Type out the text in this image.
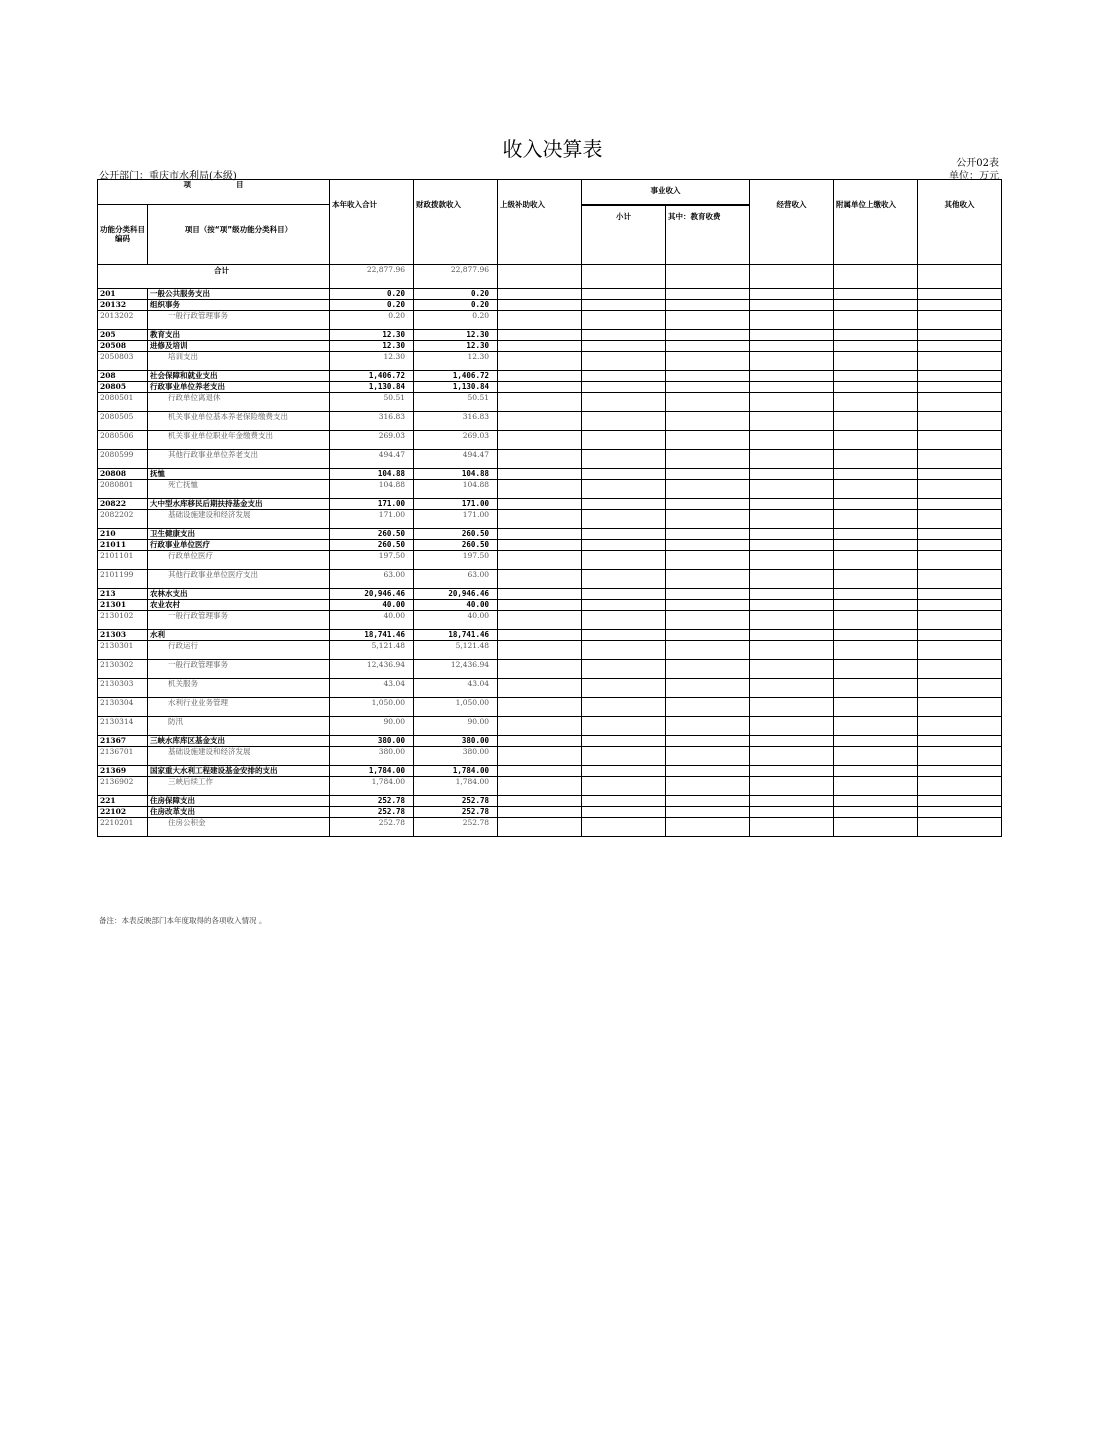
收入决算表
公开02表
公开部门：重庆市水利局(本级)	单位：万元
项　　　　　　目		本年收入合计	财政拨款收入	上级补助收入	事业收入		经营收入	附属单位上缴收入	其他收入
功能分类科目编码	项目（按“项”级功能分类科目）								
					小计	其中：教育收费			
合计		22,877.96	22,877.96						
201	一般公共服务支出	0.20	0.20						
20132	组织事务	0.20	0.20						
2013202	一般行政管理事务	0.20	0.20						
205	教育支出	12.30	12.30						
20508	进修及培训	12.30	12.30						
2050803	培训支出	12.30	12.30						
208	社会保障和就业支出	1,406.72	1,406.72						
20805	行政事业单位养老支出	1,130.84	1,130.84						
2080501	行政单位离退休	50.51	50.51						
2080505	机关事业单位基本养老保险缴费支出	316.83	316.83						
2080506	机关事业单位职业年金缴费支出	269.03	269.03						
2080599	其他行政事业单位养老支出	494.47	494.47						
20808	抚恤	104.88	104.88						
2080801	死亡抚恤	104.88	104.88						
20822	大中型水库移民后期扶持基金支出	171.00	171.00						
2082202	基础设施建设和经济发展	171.00	171.00						
210	卫生健康支出	260.50	260.50						
21011	行政事业单位医疗	260.50	260.50						
2101101	行政单位医疗	197.50	197.50						
2101199	其他行政事业单位医疗支出	63.00	63.00						
213	农林水支出	20,946.46	20,946.46						
21301	农业农村	40.00	40.00						
2130102	一般行政管理事务	40.00	40.00						
21303	水利	18,741.46	18,741.46						
2130301	行政运行	5,121.48	5,121.48						
2130302	一般行政管理事务	12,436.94	12,436.94						
2130303	机关服务	43.04	43.04						
2130304	水利行业业务管理	1,050.00	1,050.00						
2130314	防汛	90.00	90.00						
21367	三峡水库库区基金支出	380.00	380.00						
2136701	基础设施建设和经济发展	380.00	380.00						
21369	国家重大水利工程建设基金安排的支出	1,784.00	1,784.00						
2136902	三峡后续工作	1,784.00	1,784.00						
221	住房保障支出	252.78	252.78						
22102	住房改革支出	252.78	252.78						
2210201	住房公积金	252.78	252.78						
备注：本表反映部门本年度取得的各项收入情况 。
